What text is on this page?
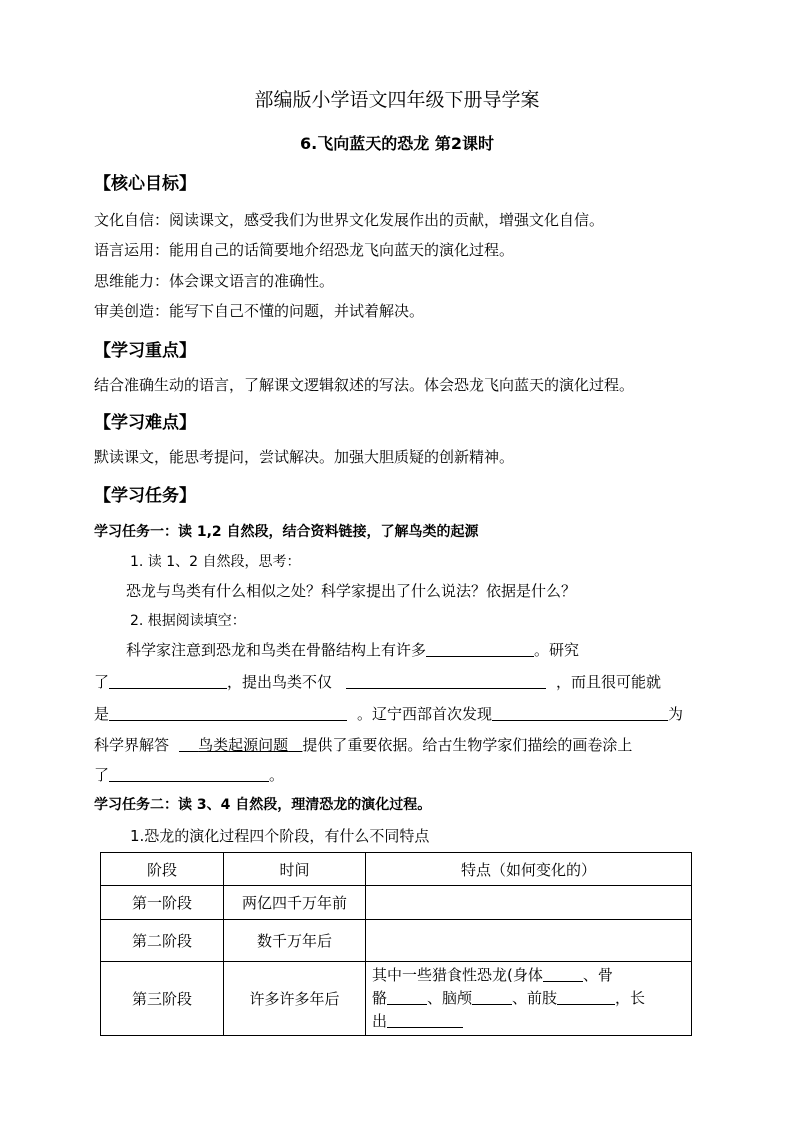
部编版小学语文四年级下册导学案
6.飞向蓝天的恐龙 第2课时
【核心目标】
文化自信：阅读课文，感受我们为世界文化发展作出的贡献，增强文化自信。
语言运用：能用自己的话简要地介绍恐龙飞向蓝天的演化过程。
思维能力：体会课文语言的准确性。
审美创造：能写下自己不懂的问题，并试着解决。
【学习重点】
结合准确生动的语言，了解课文逻辑叙述的写法。体会恐龙飞向蓝天的演化过程。
【学习难点】
默读课文，能思考提问，尝试解决。加强大胆质疑的创新精神。
【学习任务】
学习任务一：读 1,2 自然段，结合资料链接，了解鸟类的起源
1. 读 1、2 自然段，思考：
恐龙与鸟类有什么相似之处？科学家提出了什么说法？依据是什么？
2. 根据阅读填空：
科学家注意到恐龙和鸟类在骨骼结构上有许多	。研究
了	，提出鸟类不仅	，而且很可能就
是	。辽宁西部首次发现	为
科学界解答 鸟类起源问题 提供了重要依据。给古生物学家们描绘的画卷涂上
了	。
学习任务二：读 3、4 自然段，理清恐龙的演化过程。
1.恐龙的演化过程四个阶段，有什么不同特点
阶段	时间	特点（如何变化的）
第一阶段	两亿四千万年前	
第二阶段	数千万年后	
第三阶段	许多许多年后	其中一些猎食性恐龙(身体 、骨
骼 、脑颅 、前肢 ，长
出
